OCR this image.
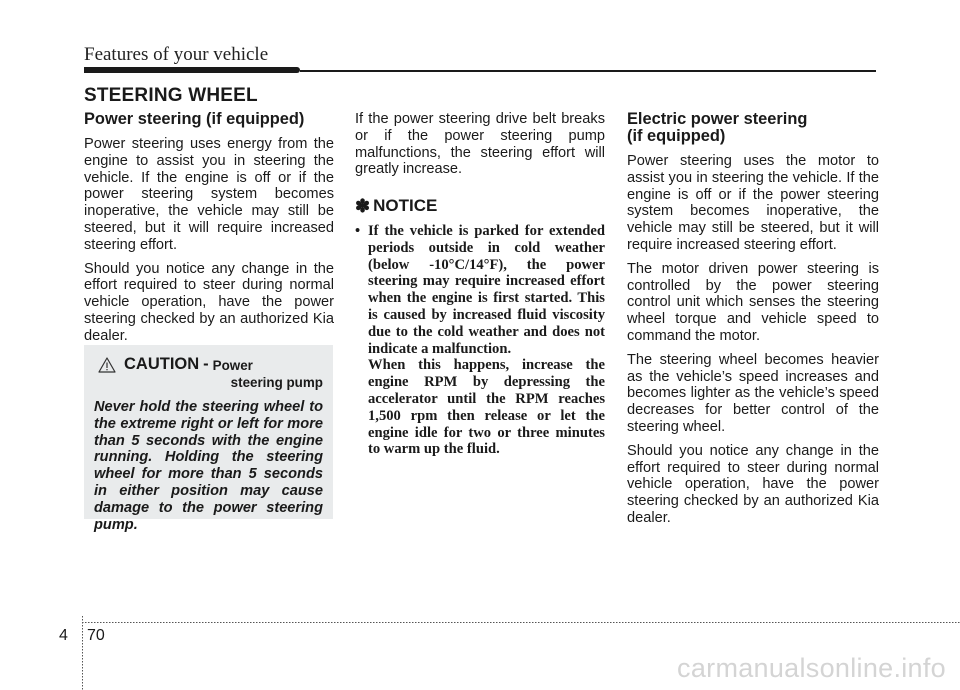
Features of your vehicle
STEERING WHEEL
Power steering (if equipped)

Power steering uses energy from the engine to assist you in steering the vehicle. If the engine is off or if the power steering system becomes inoperative, the vehicle may still be steered, but it will require increased steering effort.

Should you notice any change in the effort required to steer during normal vehicle operation, have the power steering checked by an authorized Kia dealer.

CAUTION - Power
steering pump
Never hold the steering wheel to the extreme right or left for more than 5 seconds with the engine running. Holding the steering wheel for more than 5 seconds in either position may cause damage to the power steering pump.

If the power steering drive belt breaks or if the power steering pump malfunctions, the steering effort will greatly increase.

✽ NOTICE
• If the vehicle is parked for extended periods outside in cold weather (below -10°C/14°F), the power steering may require increased effort when the engine is first started. This is caused by increased fluid viscosity due to the cold weather and does not indicate a malfunction.
When this happens, increase the engine RPM by depressing the accelerator until the RPM reaches 1,500 rpm then release or let the engine idle for two or three minutes to warm up the fluid.
Electric power steering
(if equipped)

Power steering uses the motor to assist you in steering the vehicle. If the engine is off or if the power steering system becomes inoperative, the vehicle may still be steered, but it will require increased steering effort.

The motor driven power steering is controlled by the power steering control unit which senses the steering wheel torque and vehicle speed to command the motor.

The steering wheel becomes heavier as the vehicle’s speed increases and becomes lighter as the vehicle’s speed decreases for better control of the steering wheel.

Should you notice any change in the effort required to steer during normal vehicle operation, have the power steering checked by an authorized Kia dealer.

4 70
carmanualsonline.info
